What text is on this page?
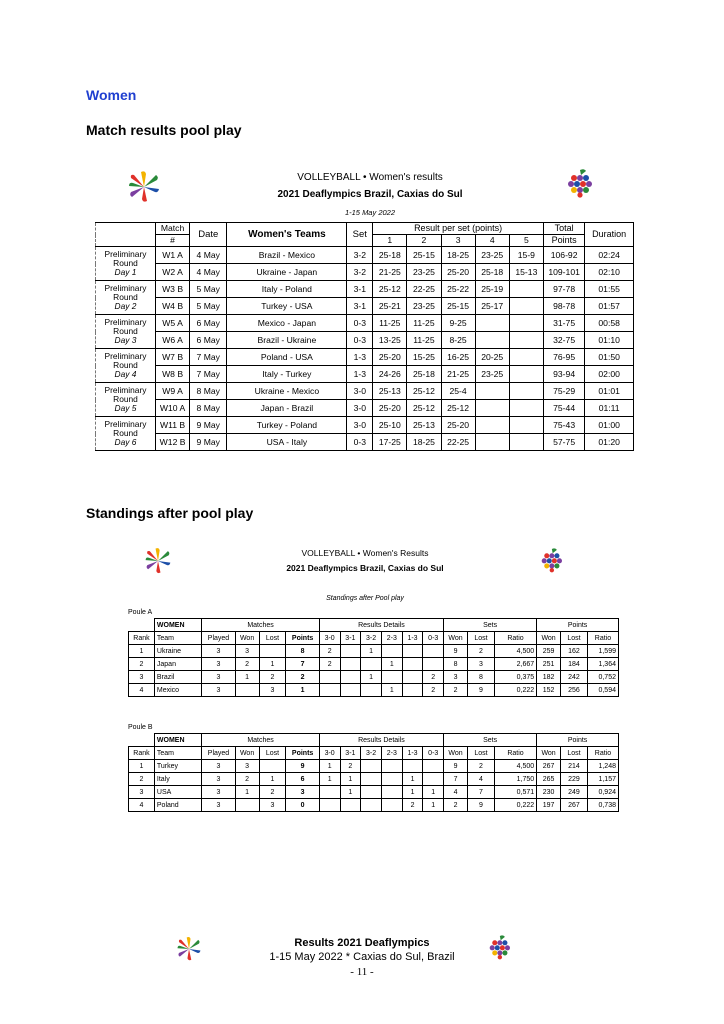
Women
Match results pool play
VOLLEYBALL • Women's results
2021 Deaflympics Brazil, Caxias do Sul
1-15 May 2022
	Match	Date	Women's Teams	Set	Result per set (points)					Total	Duration
	#				1	2	3	4	5	Points	

Preliminary
Round
Day 1	W1 A	4 May	Brazil - Mexico	3-2	25-18	25-15	18-25	23-25	15-9	106-92	02:24
	W2 A	4 May	Ukraine - Japan	3-2	21-25	23-25	25-20	25-18	15-13	109-101	02:10

Preliminary
Round
Day 2	W3 B	5 May	Italy - Poland	3-1	25-12	22-25	25-22	25-19		97-78	01:55
	W4 B	5 May	Turkey - USA	3-1	25-21	23-25	25-15	25-17		98-78	01:57

Preliminary
Round
Day 3	W5 A	6 May	Mexico - Japan	0-3	11-25	11-25	9-25			31-75	00:58
	W6 A	6 May	Brazil - Ukraine	0-3	13-25	11-25	8-25			32-75	01:10

Preliminary
Round
Day 4	W7 B	7 May	Poland - USA	1-3	25-20	15-25	16-25	20-25		76-95	01:50
	W8 B	7 May	Italy - Turkey	1-3	24-26	25-18	21-25	23-25		93-94	02:00

Preliminary
Round
Day 5	W9 A	8 May	Ukraine - Mexico	3-0	25-13	25-12	25-4			75-29	01:01
	W10 A	8 May	Japan - Brazil	3-0	25-20	25-12	25-12			75-44	01:11

Preliminary
Round
Day 6	W11 B	9 May	Turkey - Poland	3-0	25-10	25-13	25-20			75-43	01:00
	W12 B	9 May	USA - Italy	0-3	17-25	18-25	22-25			57-75	01:20
Standings after pool play
VOLLEYBALL • Women's Results
2021 Deaflympics Brazil, Caxias do Sul
Standings after Pool play
Poule A
	WOMEN	Matches				Results Details						Sets			Points		
Rank	Team	Played	Won	Lost	Points	3-0	3-1	3-2	2-3	1-3	0-3	Won	Lost	Ratio	Won	Lost	Ratio
1	Ukraine	3	3		8	2		1				9	2	4,500	259	162	1,599
2	Japan	3	2	1	7	2			1			8	3	2,667	251	184	1,364
3	Brazil	3	1	2	2			1			2	3	8	0,375	182	242	0,752
4	Mexico	3		3	1				1		2	2	9	0,222	152	256	0,594
Poule B
	WOMEN	Matches				Results Details						Sets			Points		
Rank	Team	Played	Won	Lost	Points	3-0	3-1	3-2	2-3	1-3	0-3	Won	Lost	Ratio	Won	Lost	Ratio
1	Turkey	3	3		9	1	2					9	2	4,500	267	214	1,248
2	Italy	3	2	1	6	1	1			1		7	4	1,750	265	229	1,157
3	USA	3	1	2	3		1			1	1	4	7	0,571	230	249	0,924
4	Poland	3		3	0					2	1	2	9	0,222	197	267	0,738
Results 2021 Deaflympics
1-15 May 2022 * Caxias do Sul, Brazil
- 11 -
